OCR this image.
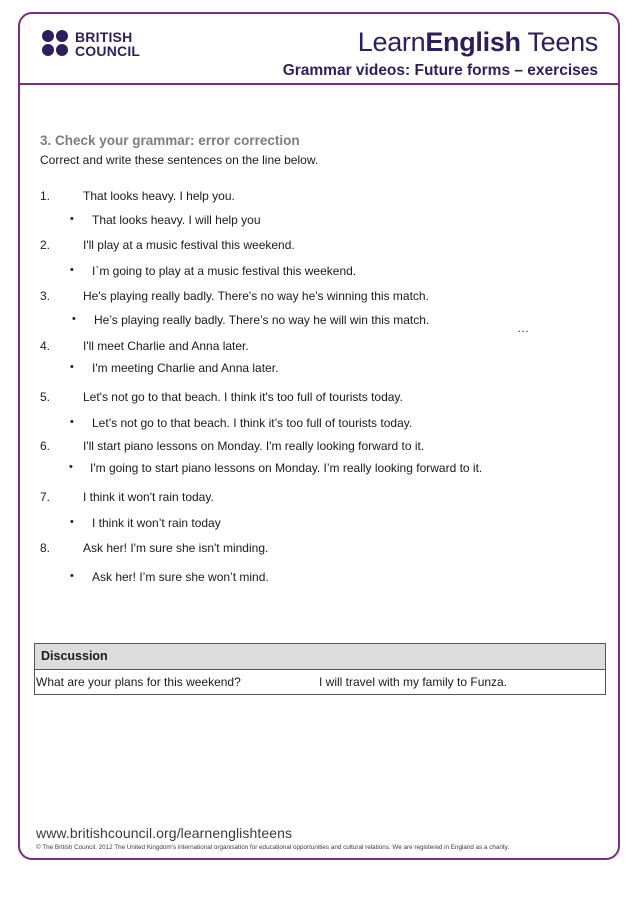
BRITISH
COUNCIL	LearnEnglish Teens
Grammar videos: Future forms – exercises
3. Check your grammar: error correction
Correct and write these sentences on the line below.
1.	That looks heavy. I help you.
• That looks heavy. I will help you
2.	I'll play at a music festival this weekend.
• I`m going to play at a music festival this weekend.
3.	He's playing really badly. There's no way he's winning this match.
• He’s playing really badly. There’s no way he will win this match.
…
4.	I'll meet Charlie and Anna later.
• I'm meeting Charlie and Anna later.
5.	Let's not go to that beach. I think it's too full of tourists today.
• Let’s not go to that beach. I think it’s too full of tourists today.
6.	I'll start piano lessons on Monday. I'm really looking forward to it.
• I'm going to start piano lessons on Monday. I’m really looking forward to it.
7.	I think it won't rain today.
• I think it won’t rain today
8.	Ask her! I'm sure she isn't minding.
• Ask her! I’m sure she won’t mind.
Discussion
What are your plans for this weekend?	I will travel with my family to Funza.
www.britishcouncil.org/learnenglishteens
© The British Council, 2012 The United Kingdom’s international organisation for educational opportunities and cultural relations. We are registered in England as a charity.
